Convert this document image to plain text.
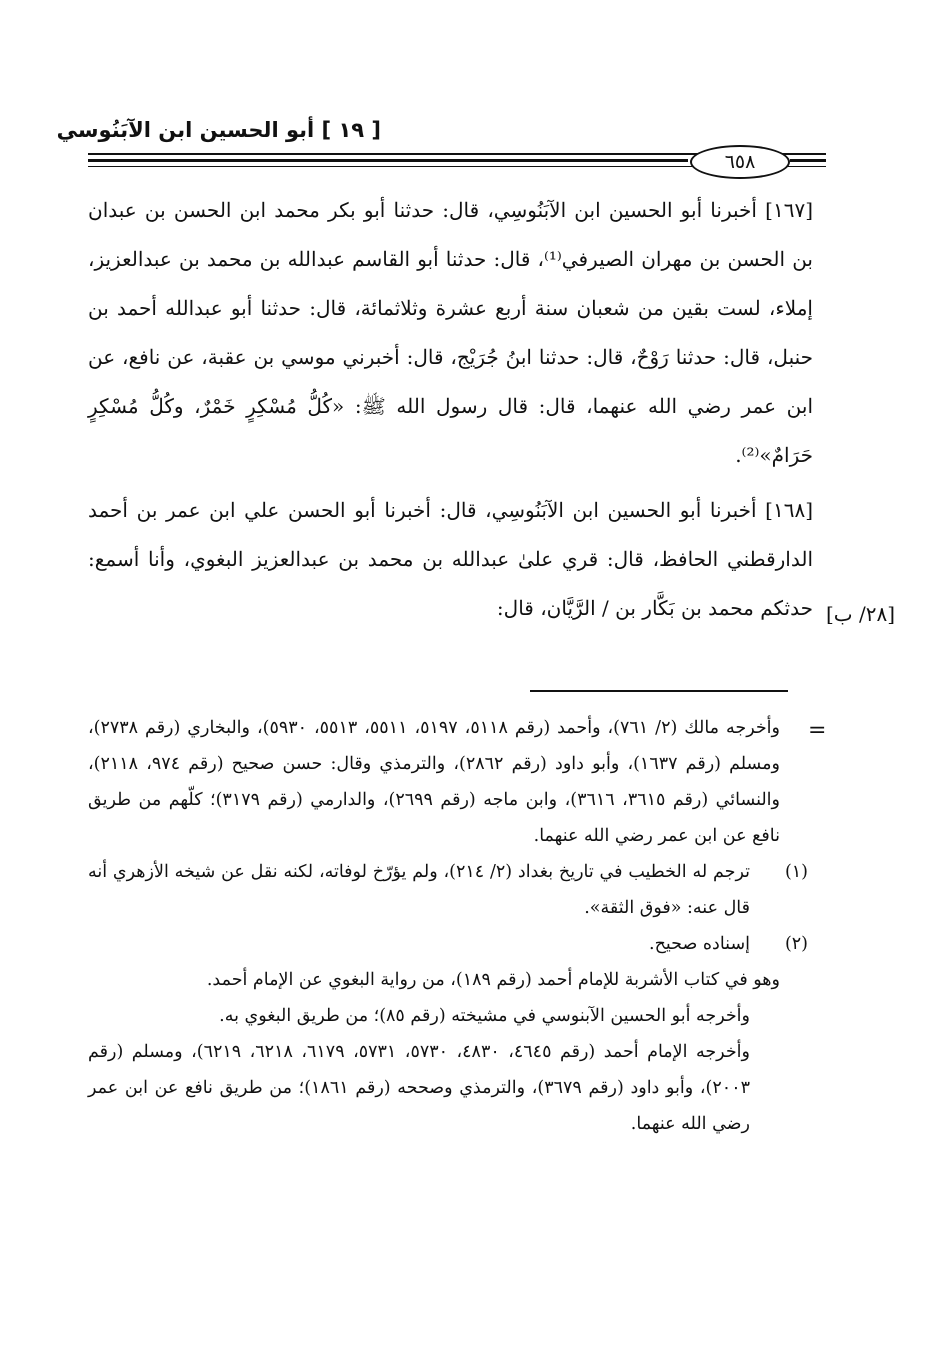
[ ١٩ ] أبو الحسين ابن الآبَنُوسي
٦٥٨

[١٦٧] أخبرنا أبو الحسين ابن الآبَنُوسِي، قال: حدثنا أبو بكر محمد ابن الحسن بن عبدان بن الحسن بن مهران الصيرفي⁽¹⁾، قال: حدثنا أبو القاسم عبدالله بن محمد بن عبدالعزيز، إملاء، لست بقين من شعبان سنة أربع عشرة وثلاثمائة، قال: حدثنا أبو عبدالله أحمد بن حنبل، قال: حدثنا رَوْحٌ، قال: حدثنا ابنُ جُرَيْج، قال: أخبرني موسي بن عقبة، عن نافع، عن ابن عمر رضي الله عنهما، قال: قال رسول الله ﷺ: «كُلُّ مُسْكِرٍ خَمْرٌ، وكُلُّ مُسْكِرٍ حَرَامٌ»⁽²⁾.

[١٦٨] أخبرنا أبو الحسين ابن الآبَنُوسِي، قال: أخبرنا أبو الحسن علي ابن عمر بن أحمد الدارقطني الحافظ، قال: قري علىٰ عبدالله بن محمد بن عبدالعزيز البغوي، وأنا أسمع: حدثكم محمد بن بَكَّار بن / الرَّيَّان، قال: [٢٨/ ب]
=

وأخرجه مالك (٢/ ٧٦١)، وأحمد (رقم ٥١١٨، ٥١٩٧، ٥٥١١، ٥٥١٣، ٥٩٣٠)، والبخاري (رقم ٢٧٣٨)، ومسلم (رقم ١٦٣٧)، وأبو داود (رقم ٢٨٦٢)، والترمذي وقال: حسن صحيح (رقم ٩٧٤، ٢١١٨)، والنسائي (رقم ٣٦١٥، ٣٦١٦)، وابن ماجه (رقم ٢٦٩٩)، والدارمي (رقم ٣١٧٩)؛ كلّهم من طريق نافع عن ابن عمر رضي الله عنهما.

(١)
ترجم له الخطيب في تاريخ بغداد (٢/ ٢١٤)، ولم يؤرّخ لوفاته، لكنه نقل عن شيخه الأزهري أنه قال عنه: «فوق الثقة».
(٢)
إسناده صحيح.

وهو في كتاب الأشربة للإمام أحمد (رقم ١٨٩)، من رواية البغوي عن الإمام أحمد.

وأخرجه أبو الحسين الآبنوسي في مشيخته (رقم ٨٥)؛ من طريق البغوي به.

وأخرجه الإمام أحمد (رقم ٤٦٤٥، ٤٨٣٠، ٥٧٣٠، ٥٧٣١، ٦١٧٩، ٦٢١٨، ٦٢١٩)، ومسلم (رقم ٢٠٠٣)، وأبو داود (رقم ٣٦٧٩)، والترمذي وصححه (رقم ١٨٦١)؛ من طريق نافع عن ابن عمر رضي الله عنهما.
